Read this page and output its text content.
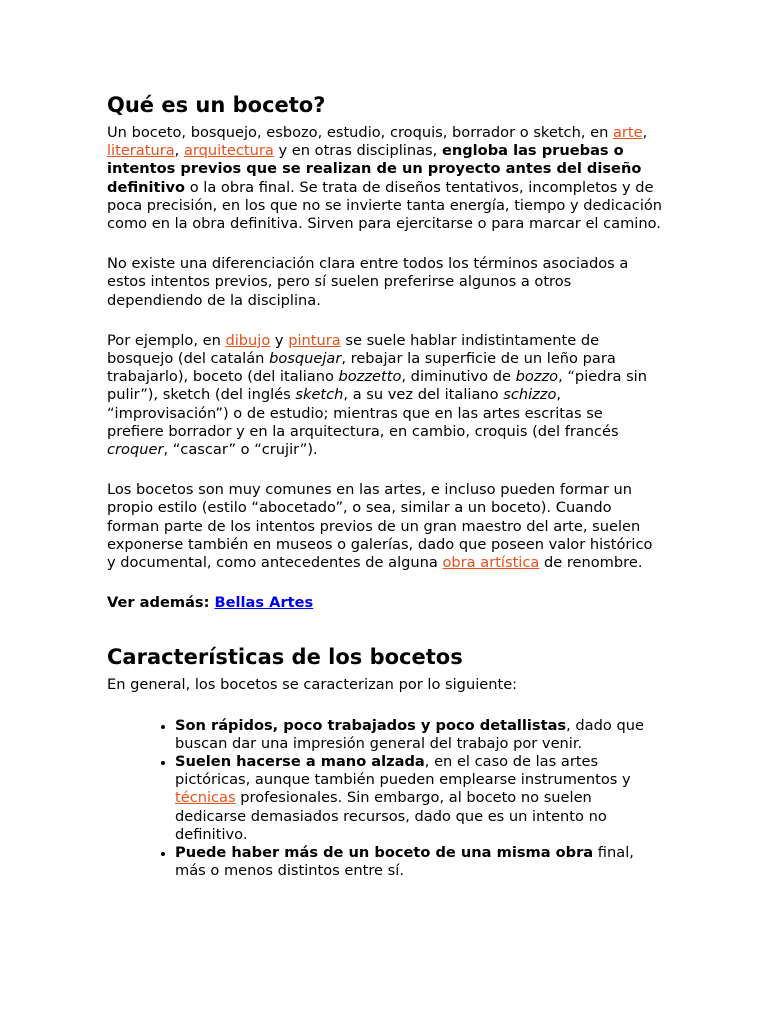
Qué es un boceto?

Un boceto, bosquejo, esbozo, estudio, croquis, borrador o sketch, en arte, literatura, arquitectura y en otras disciplinas, engloba las pruebas o intentos previos que se realizan de un proyecto antes del diseño definitivo o la obra final. Se trata de diseños tentativos, incompletos y de poca precisión, en los que no se invierte tanta energía, tiempo y dedicación como en la obra definitiva. Sirven para ejercitarse o para marcar el camino.

No existe una diferenciación clara entre todos los términos asociados a estos intentos previos, pero sí suelen preferirse algunos a otros dependiendo de la disciplina.

Por ejemplo, en dibujo y pintura se suele hablar indistintamente de bosquejo (del catalán bosquejar, rebajar la superficie de un leño para trabajarlo), boceto (del italiano bozzetto, diminutivo de bozzo, “piedra sin pulir”), sketch (del inglés sketch, a su vez del italiano schizzo, “improvisación”) o de estudio; mientras que en las artes escritas se prefiere borrador y en la arquitectura, en cambio, croquis (del francés croquer, “cascar” o “crujir”).

Los bocetos son muy comunes en las artes, e incluso pueden formar un propio estilo (estilo “abocetado”, o sea, similar a un boceto). Cuando forman parte de los intentos previos de un gran maestro del arte, suelen exponerse también en museos o galerías, dado que poseen valor histórico y documental, como antecedentes de alguna obra artística de renombre.

Ver además: Bellas Artes

Características de los bocetos

En general, los bocetos se caracterizan por lo siguiente:

• Son rápidos, poco trabajados y poco detallistas, dado que buscan dar una impresión general del trabajo por venir.
• Suelen hacerse a mano alzada, en el caso de las artes pictóricas, aunque también pueden emplearse instrumentos y técnicas profesionales. Sin embargo, al boceto no suelen dedicarse demasiados recursos, dado que es un intento no definitivo.
• Puede haber más de un boceto de una misma obra final, más o menos distintos entre sí.
